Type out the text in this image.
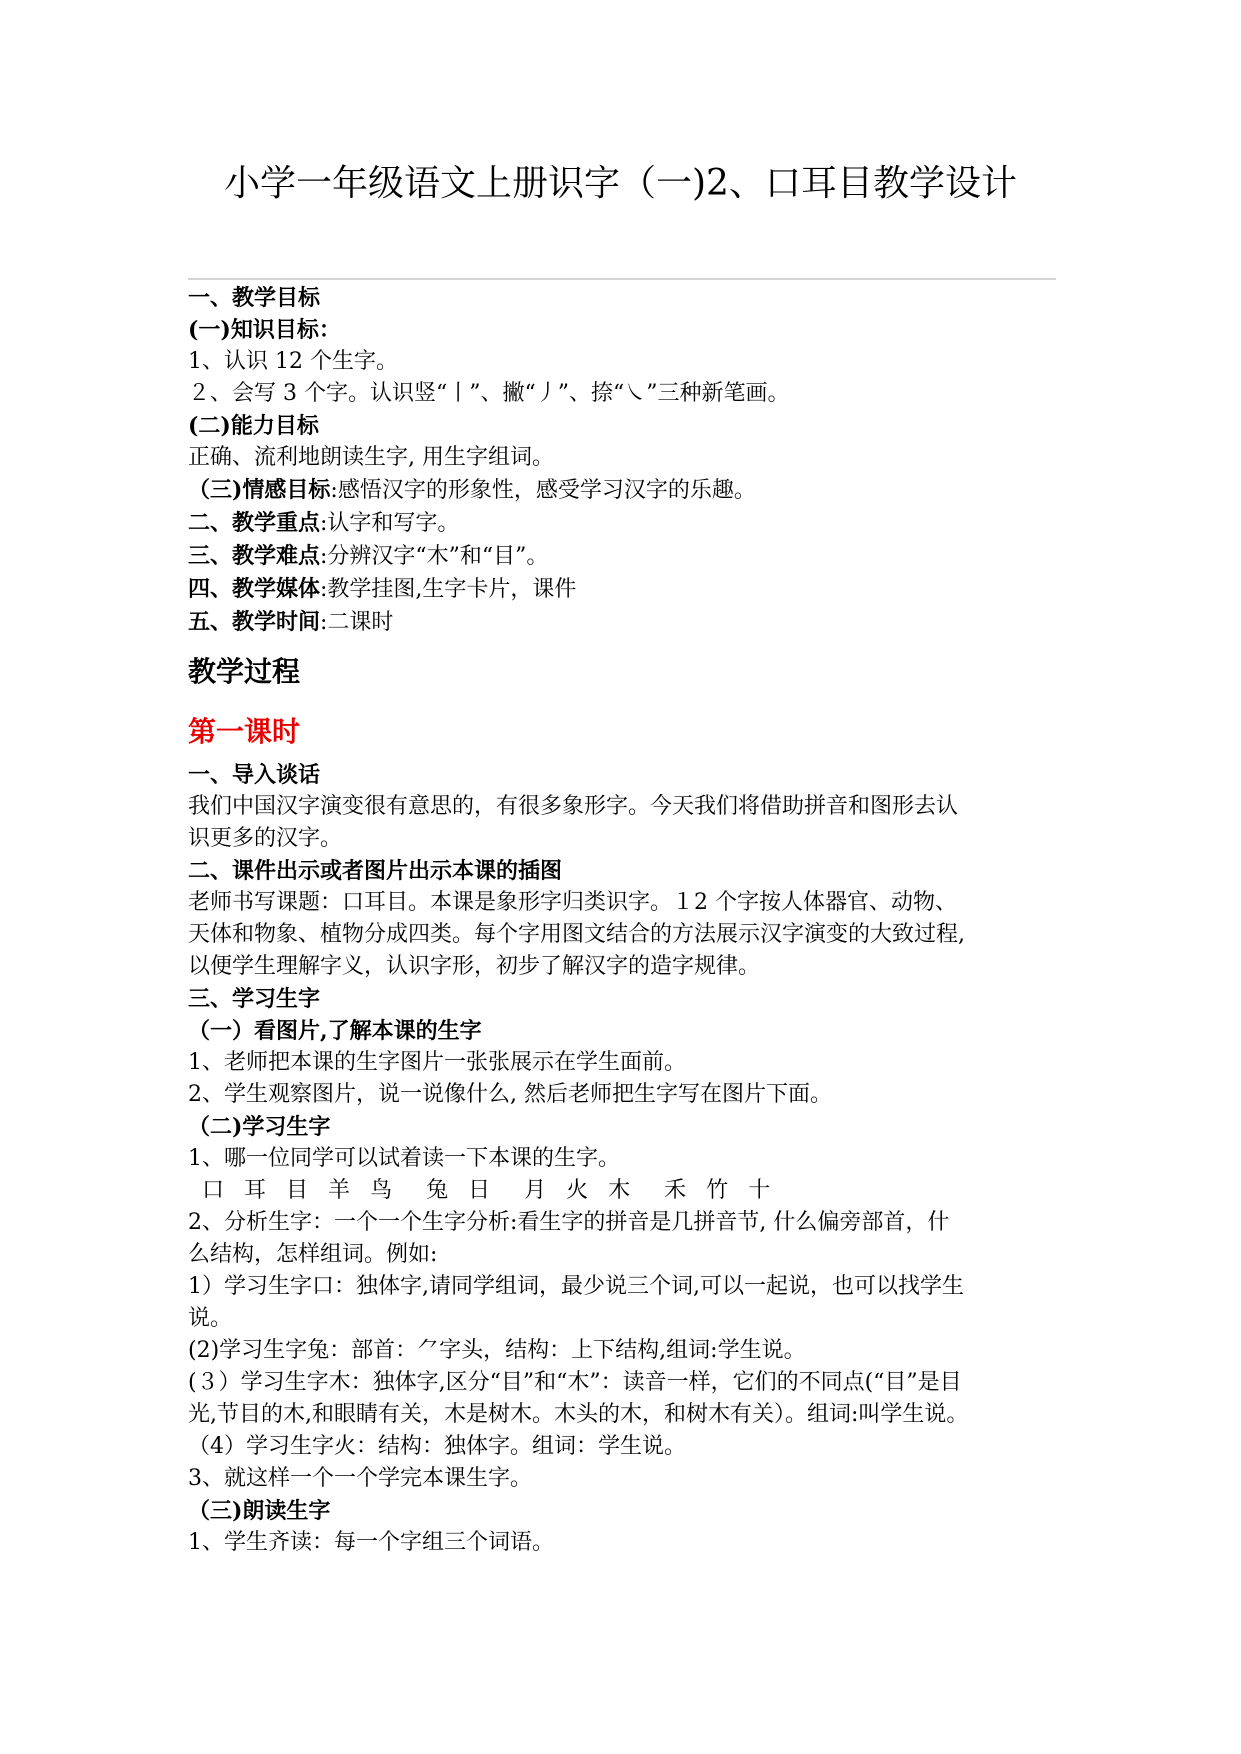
小学一年级语文上册识字（一)2、口耳目教学设计

一、教学目标

(一)知识目标：

1、认识 12 个生字。

２、会写 3 个字。认识竖“丨”、撇“丿”、捺“㇏”三种新笔画。

(二)能力目标

正确、流利地朗读生字, 用生字组词。

（三)情感目标:感悟汉字的形象性，感受学习汉字的乐趣。

二、教学重点:认字和写字。

三、教学难点:分辨汉字“木”和“目”。

四、教学媒体:教学挂图,生字卡片，课件

五、教学时间:二课时

教学过程

第一课时

一、导入谈话

我们中国汉字演变很有意思的，有很多象形字。今天我们将借助拼音和图形去认

识更多的汉字。

二、课件出示或者图片出示本课的插图

老师书写课题：口耳目。本课是象形字归类识字。１2 个字按人体器官、动物、

天体和物象、植物分成四类。每个字用图文结合的方法展示汉字演变的大致过程,

以便学生理解字义，认识字形，初步了解汉字的造字规律。

三、学习生字

（一）看图片,了解本课的生字

1、老师把本课的生字图片一张张展示在学生面前。

2、学生观察图片，说一说像什么, 然后老师把生字写在图片下面。

（二)学习生字

1、哪一位同学可以试着读一下本课的生字。

口 耳 目 羊 鸟 兔 日 月 火 木 禾 竹 十

2、分析生字：一个一个生字分析:看生字的拼音是几拼音节, 什么偏旁部首，什

么结构，怎样组词。例如:

1）学习生字口：独体字,请同学组词，最少说三个词,可以一起说，也可以找学生

说。

(2)学习生字兔：部首：⺈字头，结构：上下结构,组词:学生说。

(３）学习生字木：独体字,区分“目”和“木”：读音一样，它们的不同点(“目”是目

光,节目的木,和眼睛有关，木是树木。木头的木，和树木有关）。组词:叫学生说。

（4）学习生字火：结构：独体字。组词：学生说。

3、就这样一个一个学完本课生字。

（三)朗读生字

1、学生齐读：每一个字组三个词语。
